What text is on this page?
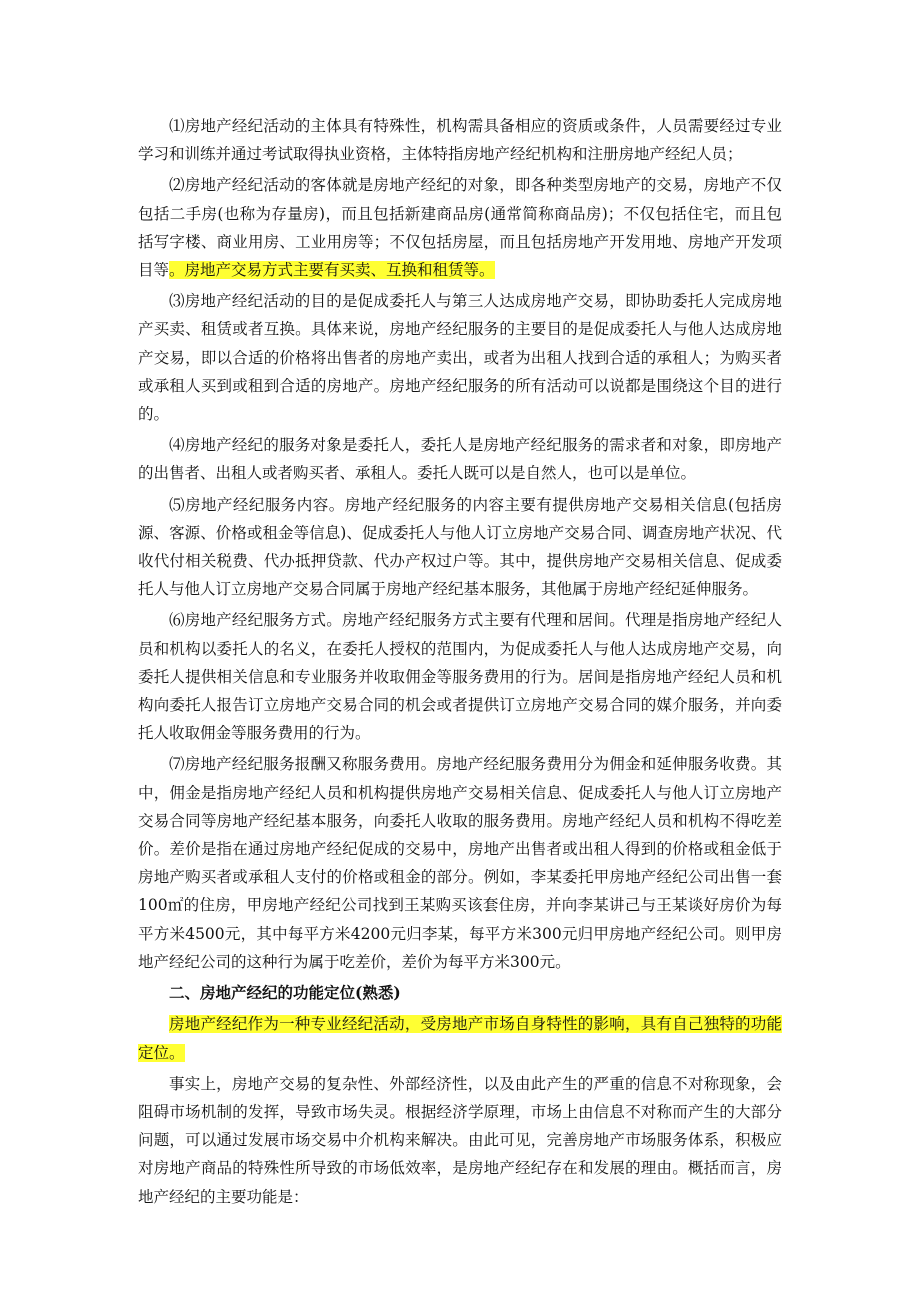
⑴房地产经纪活动的主体具有特殊性，机构需具备相应的资质或条件，人员需要经过专业学习和训练并通过考试取得执业资格，主体特指房地产经纪机构和注册房地产经纪人员；

⑵房地产经纪活动的客体就是房地产经纪的对象，即各种类型房地产的交易，房地产不仅包括二手房(也称为存量房)，而且包括新建商品房(通常简称商品房)；不仅包括住宅，而且包括写字楼、商业用房、工业用房等；不仅包括房屋，而且包括房地产开发用地、房地产开发项目等。房地产交易方式主要有买卖、互换和租赁等。

⑶房地产经纪活动的目的是促成委托人与第三人达成房地产交易，即协助委托人完成房地产买卖、租赁或者互换。具体来说，房地产经纪服务的主要目的是促成委托人与他人达成房地产交易，即以合适的价格将出售者的房地产卖出，或者为出租人找到合适的承租人；为购买者或承租人买到或租到合适的房地产。房地产经纪服务的所有活动可以说都是围绕这个目的进行的。

⑷房地产经纪的服务对象是委托人，委托人是房地产经纪服务的需求者和对象，即房地产的出售者、出租人或者购买者、承租人。委托人既可以是自然人，也可以是单位。

⑸房地产经纪服务内容。房地产经纪服务的内容主要有提供房地产交易相关信息(包括房源、客源、价格或租金等信息)、促成委托人与他人订立房地产交易合同、调查房地产状况、代收代付相关税费、代办抵押贷款、代办产权过户等。其中，提供房地产交易相关信息、促成委托人与他人订立房地产交易合同属于房地产经纪基本服务，其他属于房地产经纪延伸服务。

⑹房地产经纪服务方式。房地产经纪服务方式主要有代理和居间。代理是指房地产经纪人员和机构以委托人的名义，在委托人授权的范围内，为促成委托人与他人达成房地产交易，向委托人提供相关信息和专业服务并收取佣金等服务费用的行为。居间是指房地产经纪人员和机构向委托人报告订立房地产交易合同的机会或者提供订立房地产交易合同的媒介服务，并向委托人收取佣金等服务费用的行为。

⑺房地产经纪服务报酬又称服务费用。房地产经纪服务费用分为佣金和延伸服务收费。其中，佣金是指房地产经纪人员和机构提供房地产交易相关信息、促成委托人与他人订立房地产交易合同等房地产经纪基本服务，向委托人收取的服务费用。房地产经纪人员和机构不得吃差价。差价是指在通过房地产经纪促成的交易中，房地产出售者或出租人得到的价格或租金低于房地产购买者或承租人支付的价格或租金的部分。例如，李某委托甲房地产经纪公司出售一套100㎡的住房，甲房地产经纪公司找到王某购买该套住房，并向李某讲己与王某谈好房价为每平方米4500元，其中每平方米4200元归李某，每平方米300元归甲房地产经纪公司。则甲房地产经纪公司的这种行为属于吃差价，差价为每平方米300元。

二、房地产经纪的功能定位(熟悉)

房地产经纪作为一种专业经纪活动，受房地产市场自身特性的影响，具有自己独特的功能定位。

事实上，房地产交易的复杂性、外部经济性，以及由此产生的严重的信息不对称现象，会阻碍市场机制的发挥，导致市场失灵。根据经济学原理，市场上由信息不对称而产生的大部分问题，可以通过发展市场交易中介机构来解决。由此可见，完善房地产市场服务体系，积极应对房地产商品的特殊性所导致的市场低效率，是房地产经纪存在和发展的理由。概括而言，房地产经纪的主要功能是：
